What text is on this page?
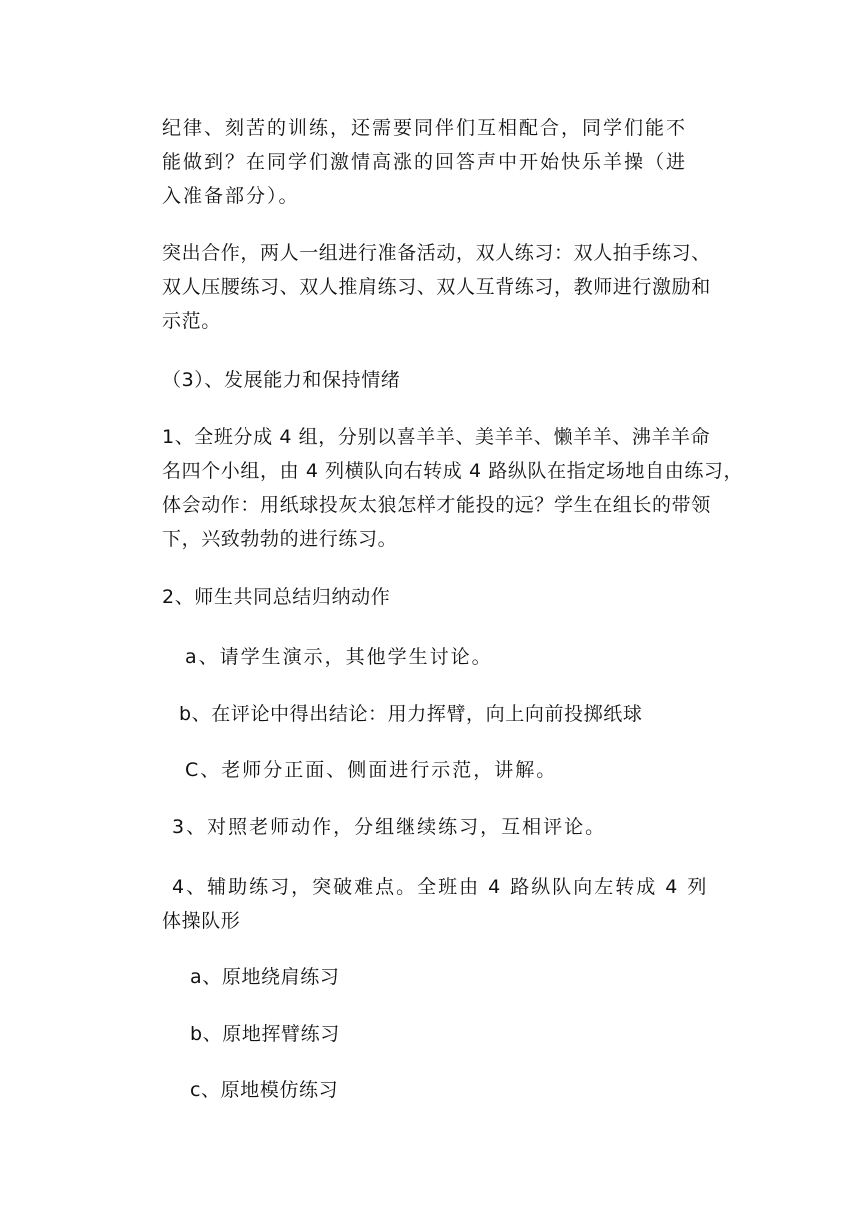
纪律、刻苦的训练，还需要同伴们互相配合，同学们能不
能做到？在同学们激情高涨的回答声中开始快乐羊操（进
入准备部分）。
突出合作，两人一组进行准备活动，双人练习：双人拍手练习、
双人压腰练习、双人推肩练习、双人互背练习，教师进行激励和
示范。
（3）、发展能力和保持情绪
1、全班分成 4 组，分别以喜羊羊、美羊羊、懒羊羊、沸羊羊命
名四个小组，由 4 列横队向右转成 4 路纵队在指定场地自由练习，
体会动作：用纸球投灰太狼怎样才能投的远？学生在组长的带领
下，兴致勃勃的进行练习。
2、师生共同总结归纳动作
a、请学生演示，其他学生讨论。
b、在评论中得出结论：用力挥臂，向上向前投掷纸球
C、老师分正面、侧面进行示范，讲解。
3、对照老师动作，分组继续练习，互相评论。
4、辅助练习，突破难点。全班由 4 路纵队向左转成 4 列
体操队形
a、原地绕肩练习
b、原地挥臂练习
c、原地模仿练习
